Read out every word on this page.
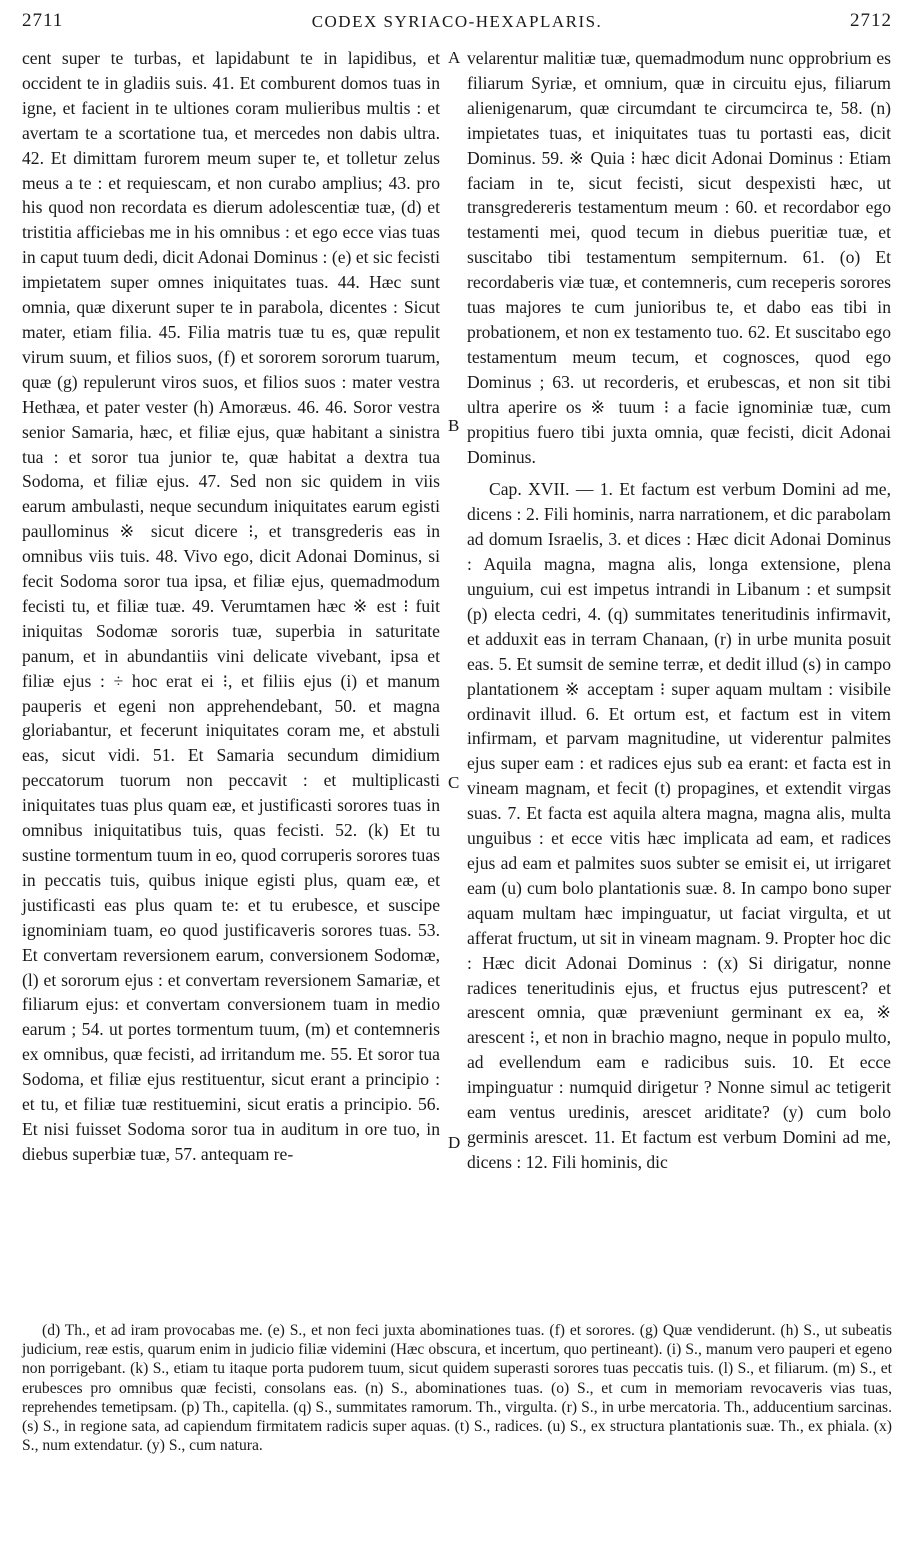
2711	CODEX SYRIACO-HEXAPLARIS.	2712

cent super te turbas, et lapidabunt te in lapidibus, et occident te in gladiis suis. 41. Et comburent domos tuas in igne, et facient in te ultiones coram mulieribus multis : et avertam te a scortatione tua, et mercedes non dabis ultra. 42. Et dimittam furorem meum super te, et tolletur zelus meus a te : et requiescam, et non curabo amplius; 43. pro his quod non recordata es dierum adolescentiæ tuæ, (d) et tristitia afficiebas me in his omnibus : et ego ecce vias tuas in caput tuum dedi, dicit Adonai Dominus : (e) et sic fecisti impietatem super omnes iniquitates tuas. 44. Hæc sunt omnia, quæ dixerunt super te in parabola, dicentes : Sicut mater, etiam filia. 45. Filia matris tuæ tu es, quæ repulit virum suum, et filios suos, (f) et sororem sororum tuarum, quæ (g) repulerunt viros suos, et filios suos : mater vestra Hethæa, et pater vester (h) Amoræus. 46. 46. Soror vestra senior Samaria, hæc, et filiæ ejus, quæ habitant a sinistra tua : et soror tua junior te, quæ habitat a dextra tua Sodoma, et filiæ ejus. 47. Sed non sic quidem in viis earum ambulasti, neque secundum iniquitates earum egisti paullominus ※ sicut dicere ⁝, et transgrederis eas in omnibus viis tuis. 48. Vivo ego, dicit Adonai Dominus, si fecit Sodoma soror tua ipsa, et filiæ ejus, quemadmodum fecisti tu, et filiæ tuæ. 49. Verumtamen hæc ※ est ⁝ fuit iniquitas Sodomæ sororis tuæ, superbia in saturitate panum, et in abundantiis vini delicate vivebant, ipsa et filiæ ejus : ÷ hoc erat ei ⁝, et filiis ejus (i) et manum pauperis et egeni non apprehendebant, 50. et magna gloriabantur, et fecerunt iniquitates coram me, et abstuli eas, sicut vidi. 51. Et Samaria secundum dimidium peccatorum tuorum non peccavit : et multiplicasti iniquitates tuas plus quam eæ, et justificasti sorores tuas in omnibus iniquitatibus tuis, quas fecisti. 52. (k) Et tu sustine tormentum tuum in eo, quod corruperis sorores tuas in peccatis tuis, quibus inique egisti plus, quam eæ, et justificasti eas plus quam te: et tu erubesce, et suscipe ignominiam tuam, eo quod justificaveris sorores tuas. 53. Et convertam reversionem earum, conversionem Sodomæ, (l) et sororum ejus : et convertam reversionem Samariæ, et filiarum ejus: et convertam conversionem tuam in medio earum ; 54. ut portes tormentum tuum, (m) et contemneris ex omnibus, quæ fecisti, ad irritandum me. 55. Et soror tua Sodoma, et filiæ ejus restituentur, sicut erant a principio : et tu, et filiæ tuæ restituemini, sicut eratis a principio. 56. Et nisi fuisset Sodoma soror tua in auditum in ore tuo, in diebus superbiæ tuæ, 57. antequam re-

A
B
C
D

velarentur malitiæ tuæ, quemadmodum nunc opprobrium es filiarum Syriæ, et omnium, quæ in circuitu ejus, filiarum alienigenarum, quæ circumdant te circumcirca te, 58. (n) impietates tuas, et iniquitates tuas tu portasti eas, dicit Dominus. 59. ※ Quia ⁝ hæc dicit Adonai Dominus : Etiam faciam in te, sicut fecisti, sicut despexisti hæc, ut transgredereris testamentum meum : 60. et recordabor ego testamenti mei, quod tecum in diebus pueritiæ tuæ, et suscitabo tibi testamentum sempiternum. 61. (o) Et recordaberis viæ tuæ, et contemneris, cum receperis sorores tuas majores te cum junioribus te, et dabo eas tibi in probationem, et non ex testamento tuo. 62. Et suscitabo ego testamentum meum tecum, et cognosces, quod ego Dominus ; 63. ut recorderis, et erubescas, et non sit tibi ultra aperire os ※ tuum ⁝ a facie ignominiæ tuæ, cum propitius fuero tibi juxta omnia, quæ fecisti, dicit Adonai Dominus.

Cap. XVII. — 1. Et factum est verbum Domini ad me, dicens : 2. Fili hominis, narra narrationem, et dic parabolam ad domum Israelis, 3. et dices : Hæc dicit Adonai Dominus : Aquila magna, magna alis, longa extensione, plena unguium, cui est impetus intrandi in Libanum : et sumpsit (p) electa cedri, 4. (q) summitates teneritudinis infirmavit, et adduxit eas in terram Chanaan, (r) in urbe munita posuit eas. 5. Et sumsit de semine terræ, et dedit illud (s) in campo plantationem ※ acceptam ⁝ super aquam multam : visibile ordinavit illud. 6. Et ortum est, et factum est in vitem infirmam, et parvam magnitudine, ut viderentur palmites ejus super eam : et radices ejus sub ea erant: et facta est in vineam magnam, et fecit (t) propagines, et extendit virgas suas. 7. Et facta est aquila altera magna, magna alis, multa unguibus : et ecce vitis hæc implicata ad eam, et radices ejus ad eam et palmites suos subter se emisit ei, ut irrigaret eam (u) cum bolo plantationis suæ. 8. In campo bono super aquam multam hæc impinguatur, ut faciat virgulta, et ut afferat fructum, ut sit in vineam magnam. 9. Propter hoc dic : Hæc dicit Adonai Dominus : (x) Si dirigatur, nonne radices teneritudinis ejus, et fructus ejus putrescent? et arescent omnia, quæ præveniunt germinant ex ea, ※ arescent ⁝, et non in brachio magno, neque in populo multo, ad evellendum eam e radicibus suis. 10. Et ecce impinguatur : numquid dirigetur ? Nonne simul ac tetigerit eam ventus uredinis, arescet ariditate? (y) cum bolo germinis arescet. 11. Et factum est verbum Domini ad me, dicens : 12. Fili hominis, dic

(d) Th., et ad iram provocabas me. (e) S., et non feci juxta abominationes tuas. (f) et sorores. (g) Quæ vendiderunt. (h) S., ut subeatis judicium, reæ estis, quarum enim in judicio filiæ videmini (Hæc obscura, et incertum, quo pertineant). (i) S., manum vero pauperi et egeno non porrigebant. (k) S., etiam tu itaque porta pudorem tuum, sicut quidem superasti sorores tuas peccatis tuis. (l) S., et filiarum. (m) S., et erubesces pro omnibus quæ fecisti, consolans eas. (n) S., abominationes tuas. (o) S., et cum in memoriam revocaveris vias tuas, reprehendes temetipsam. (p) Th., capitella. (q) S., summitates ramorum. Th., virgulta. (r) S., in urbe mercatoria. Th., adducentium sarcinas. (s) S., in regione sata, ad capiendum firmitatem radicis super aquas. (t) S., radices. (u) S., ex structura plantationis suæ. Th., ex phiala. (x) S., num extendatur. (y) S., cum natura.
